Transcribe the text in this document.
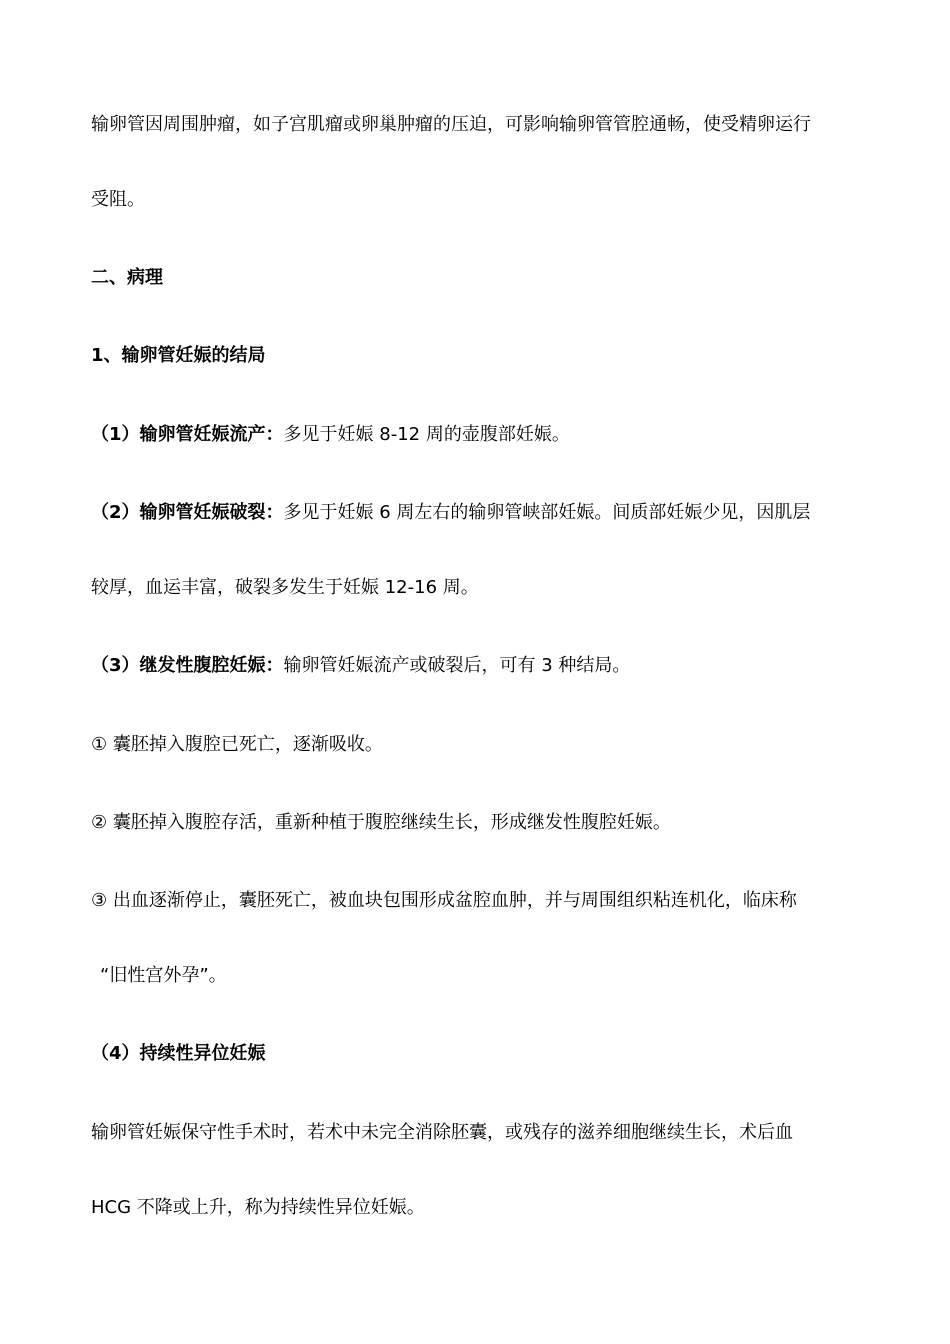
输卵管因周围肿瘤，如子宫肌瘤或卵巢肿瘤的压迫，可影响输卵管管腔通畅，使受精卵运行
受阻。
二、病理
1、输卵管妊娠的结局
（1）输卵管妊娠流产：多见于妊娠 8-12 周的壶腹部妊娠。
（2）输卵管妊娠破裂：多见于妊娠 6 周左右的输卵管峡部妊娠。间质部妊娠少见，因肌层
较厚，血运丰富，破裂多发生于妊娠 12-16 周。
（3）继发性腹腔妊娠：输卵管妊娠流产或破裂后，可有 3 种结局。
① 囊胚掉入腹腔已死亡，逐渐吸收。
② 囊胚掉入腹腔存活，重新种植于腹腔继续生长，形成继发性腹腔妊娠。
③ 出血逐渐停止，囊胚死亡，被血块包围形成盆腔血肿，并与周围组织粘连机化，临床称
“旧性宫外孕”。
（4）持续性异位妊娠
输卵管妊娠保守性手术时，若术中未完全消除胚囊，或残存的滋养细胞继续生长，术后血
HCG 不降或上升，称为持续性异位妊娠。
